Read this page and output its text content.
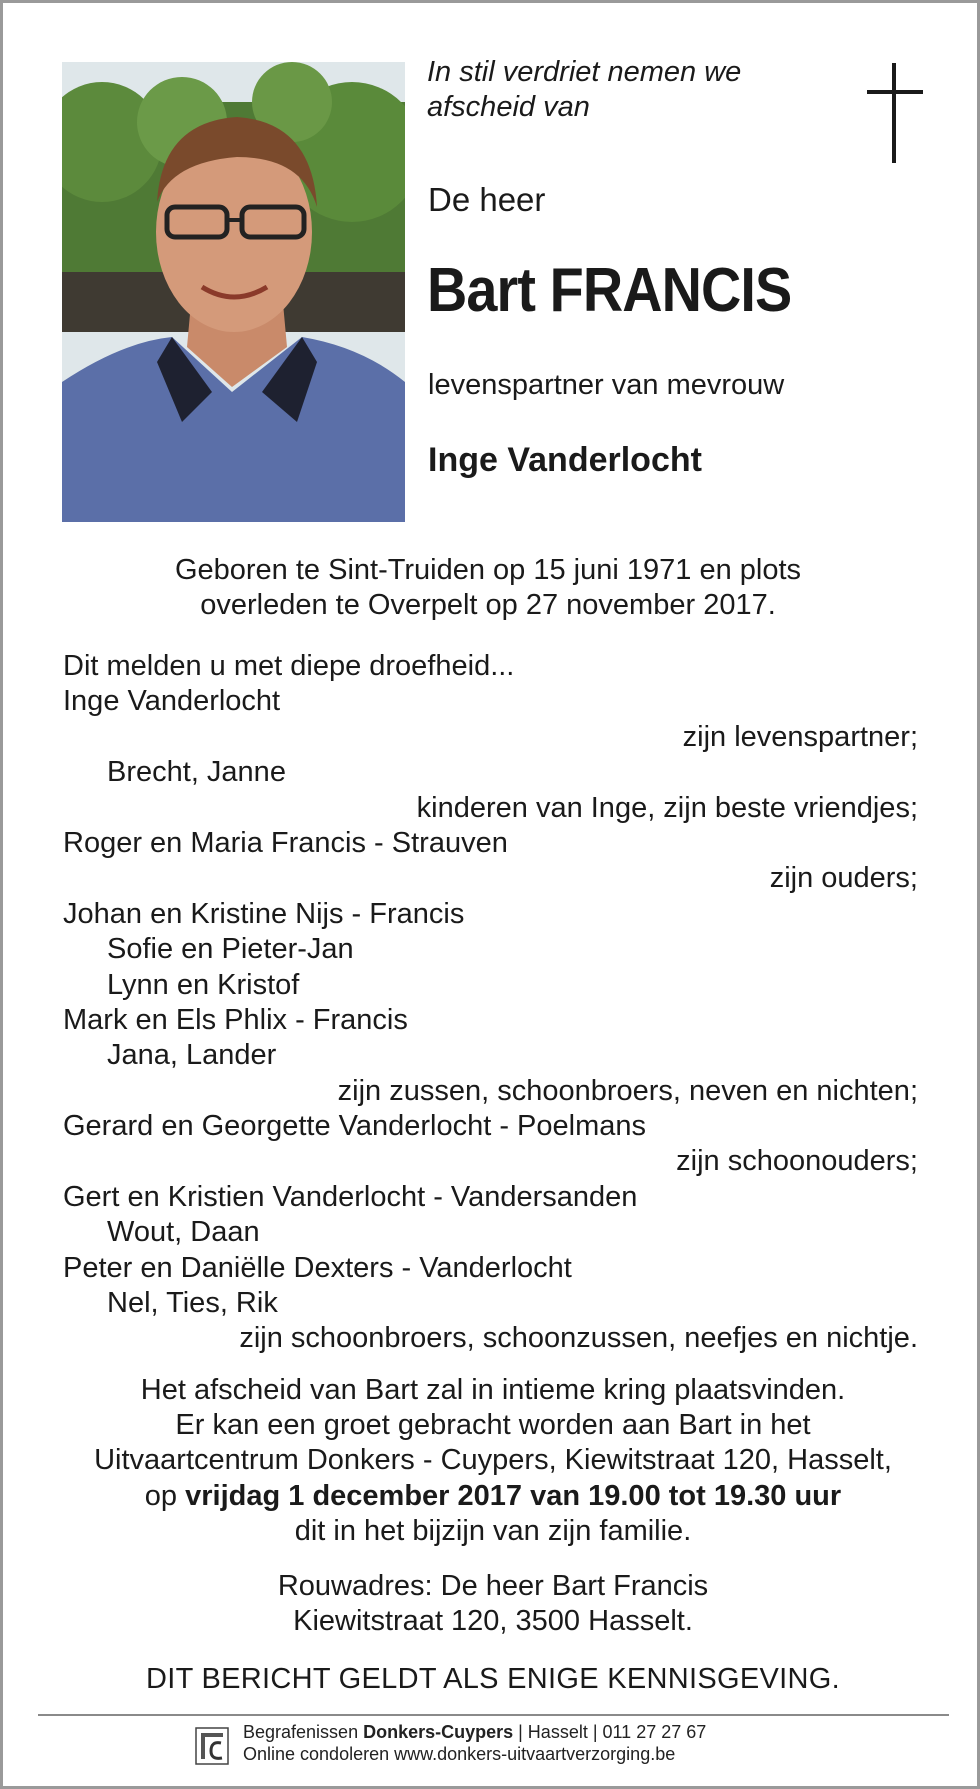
In stil verdriet nemen we afscheid van
De heer
Bart FRANCIS
levenspartner van mevrouw
Inge Vanderlocht
Geboren te Sint-Truiden op 15 juni 1971 en plots
overleden te Overpelt op 27 november 2017.
Dit melden u met diepe droefheid...
Inge Vanderlocht
zijn levenspartner;
Brecht, Janne
kinderen van Inge, zijn beste vriendjes;
Roger en Maria Francis - Strauven
zijn ouders;
Johan en Kristine Nijs - Francis
Sofie en Pieter-Jan
Lynn en Kristof
Mark en Els Phlix - Francis
Jana, Lander
zijn zussen, schoonbroers, neven en nichten;
Gerard en Georgette Vanderlocht - Poelmans
zijn schoonouders;
Gert en Kristien Vanderlocht - Vandersanden
Wout, Daan
Peter en Daniëlle Dexters - Vanderlocht
Nel, Ties, Rik
zijn schoonbroers, schoonzussen, neefjes en nichtje.
Het afscheid van Bart zal in intieme kring plaatsvinden.
Er kan een groet gebracht worden aan Bart in het
Uitvaartcentrum Donkers - Cuypers, Kiewitstraat 120, Hasselt,
op vrijdag 1 december 2017 van 19.00 tot 19.30 uur
dit in het bijzijn van zijn familie.
Rouwadres: De heer Bart Francis
Kiewitstraat 120, 3500 Hasselt.
DIT BERICHT GELDT ALS ENIGE KENNISGEVING.
Begrafenissen Donkers-Cuypers | Hasselt | 011 27 27 67
Online condoleren www.donkers-uitvaartverzorging.be
